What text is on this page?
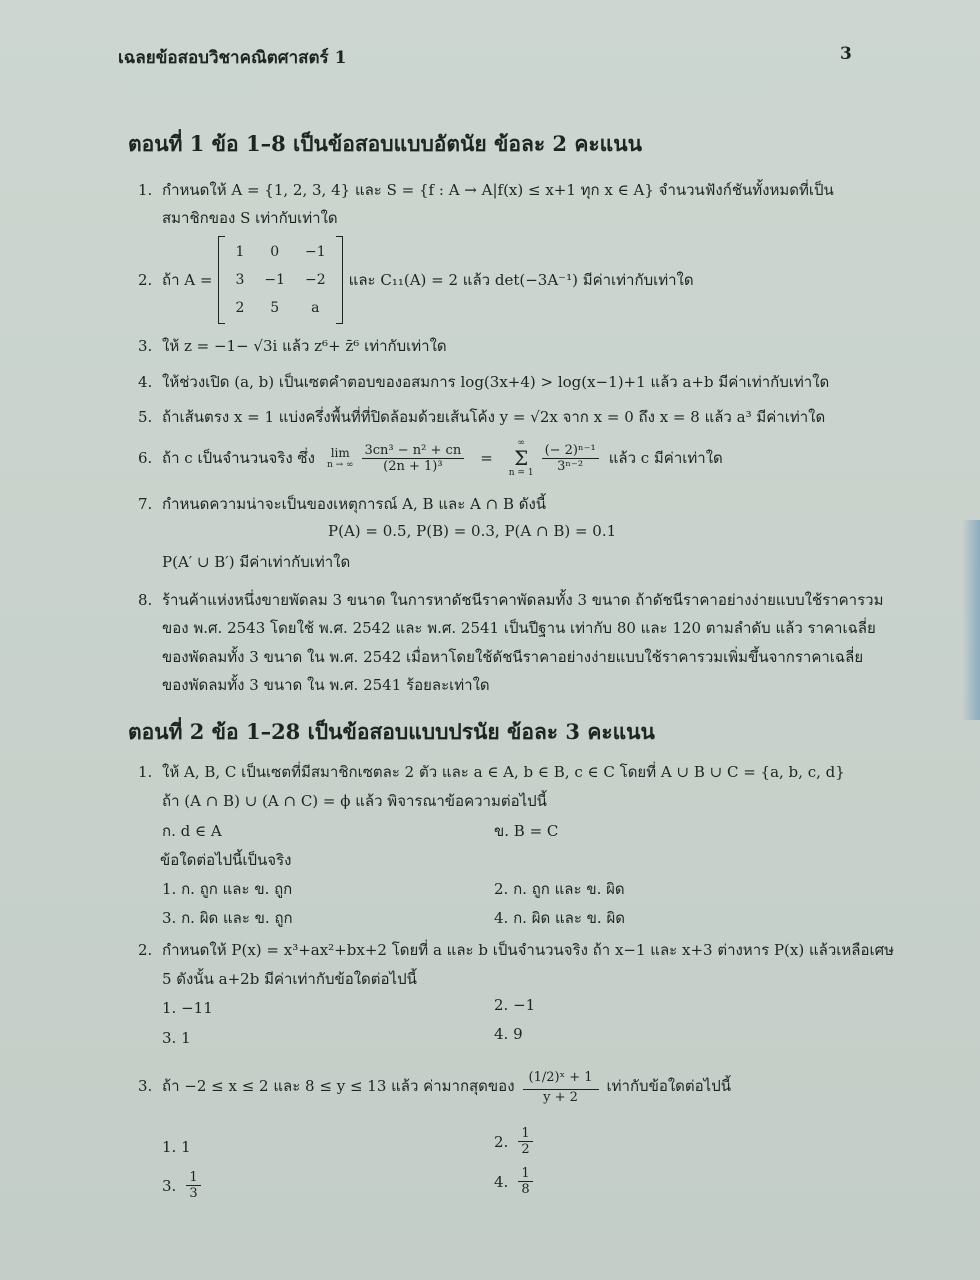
เฉลยข้อสอบวิชาคณิตศาสตร์ 1	3
ตอนที่ 1 ข้อ 1–8 เป็นข้อสอบแบบอัตนัย ข้อละ 2 คะแนน
1. กำหนดให้ A = {1, 2, 3, 4} และ S = {f : A → A|f(x) ≤ x+1 ทุก x ∈ A} จำนวนฟังก์ชันทั้งหมดที่เป็น
สมาชิกของ S เท่ากับเท่าใด
2. ถ้า A =
1	0	−1
3	−1	−2
2	5	a
และ C₁₁(A) = 2 แล้ว det(−3A⁻¹) มีค่าเท่ากับเท่าใด
3. ให้ z = −1− √3i แล้ว z⁶+ z̄⁶ เท่ากับเท่าใด
4. ให้ช่วงเปิด (a, b) เป็นเซตคำตอบของอสมการ log(3x+4) > log(x−1)+1 แล้ว a+b มีค่าเท่ากับเท่าใด
5. ถ้าเส้นตรง x = 1 แบ่งครึ่งพื้นที่ที่ปิดล้อมด้วยเส้นโค้ง y = √2x จาก x = 0 ถึง x = 8 แล้ว a³ มีค่าเท่าใด
6. ถ้า c เป็นจำนวนจริง ซึ่ง lim
n → ∞ $\frac{\text{3cn³ − n² + cn}}{\text{(2n + 1)³}}$ =
∞
Σ
$n = 1 \frac{\text{(− 2)ⁿ⁻¹}}{\text{3ⁿ⁻²}}$ แล้ว c มีค่าเท่าใด
7. กำหนดความน่าจะเป็นของเหตุการณ์ A, B และ A ∩ B ดังนี้
P(A) = 0.5, P(B) = 0.3, P(A ∩ B) = 0.1
P(A′ ∪ B′) มีค่าเท่ากับเท่าใด
8. ร้านค้าแห่งหนึ่งขายพัดลม 3 ขนาด ในการหาดัชนีราคาพัดลมทั้ง 3 ขนาด ถ้าดัชนีราคาอย่างง่ายแบบใช้ราคารวม
ของ พ.ศ. 2543 โดยใช้ พ.ศ. 2542 และ พ.ศ. 2541 เป็นปีฐาน เท่ากับ 80 และ 120 ตามลำดับ แล้ว ราคาเฉลี่ย
ของพัดลมทั้ง 3 ขนาด ใน พ.ศ. 2542 เมื่อหาโดยใช้ดัชนีราคาอย่างง่ายแบบใช้ราคารวมเพิ่มขึ้นจากราคาเฉลี่ย
ของพัดลมทั้ง 3 ขนาด ใน พ.ศ. 2541 ร้อยละเท่าใด
ตอนที่ 2 ข้อ 1–28 เป็นข้อสอบแบบปรนัย ข้อละ 3 คะแนน
1. ให้ A, B, C เป็นเซตที่มีสมาชิกเซตละ 2 ตัว และ a ∈ A, b ∈ B, c ∈ C โดยที่ A ∪ B ∪ C = {a, b, c, d}
ถ้า (A ∩ B) ∪ (A ∩ C) = ϕ แล้ว พิจารณาข้อความต่อไปนี้
ก. d ∈ A	ข. B = C
ข้อใดต่อไปนี้เป็นจริง
1. ก. ถูก และ ข. ถูก	2. ก. ถูก และ ข. ผิด
3. ก. ผิด และ ข. ถูก	4. ก. ผิด และ ข. ผิด
2. กำหนดให้ P(x) = x³+ax²+bx+2 โดยที่ a และ b เป็นจำนวนจริง ถ้า x−1 และ x+3 ต่างหาร P(x) แล้วเหลือเศษ
5 ดังนั้น a+2b มีค่าเท่ากับข้อใดต่อไปนี้
1. −11	2. −1
3. 1	4. 9
3. ถ้า −2 ≤ x ≤ 2 และ 8 ≤ y ≤ 13 แล้ว ค่ามากสุดของ $\frac{\text{(1/2)ˣ + 1}}{y + 2}$ เท่ากับข้อใดต่อไปนี้
1. 1	2. $\frac{1}{2}$
3. $\frac{1}{3}$	4. $\frac{1}{8}$
